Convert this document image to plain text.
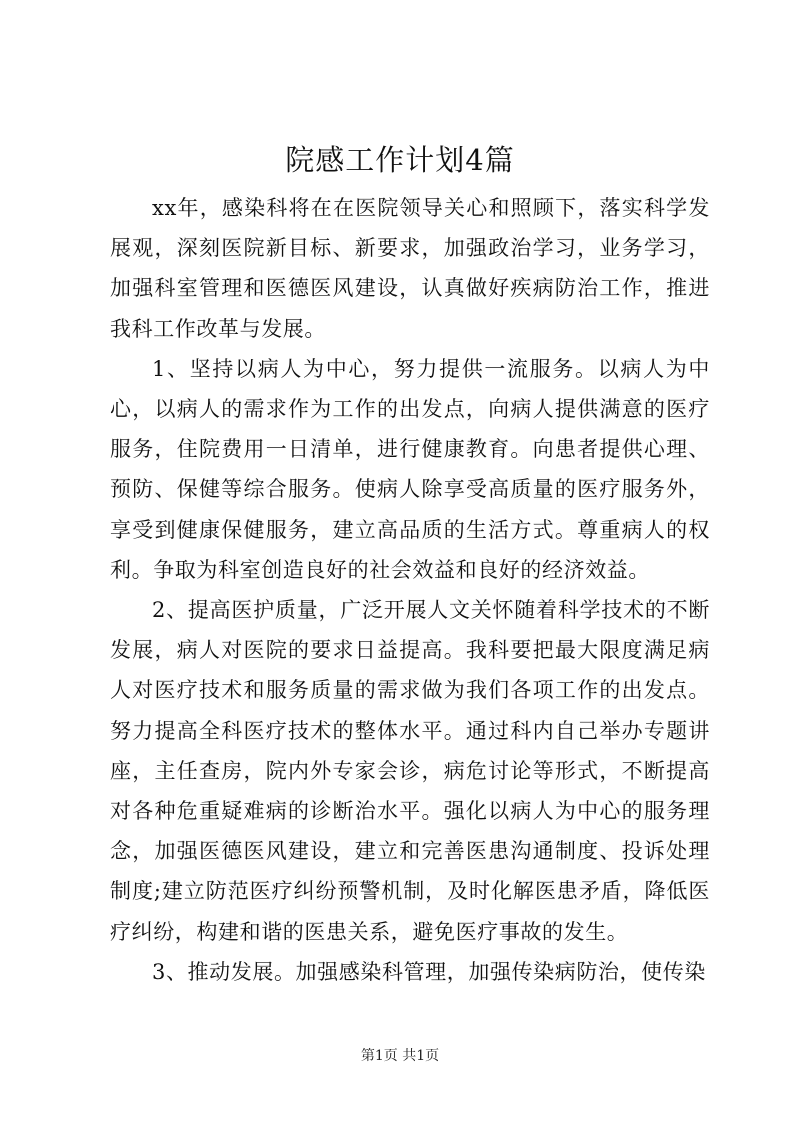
院感工作计划4篇

xx年，感染科将在在医院领导关心和照顾下，落实科学发展观，深刻医院新目标、新要求，加强政治学习，业务学习，加强科室管理和医德医风建设，认真做好疾病防治工作，推进我科工作改革与发展。

1、坚持以病人为中心，努力提供一流服务。以病人为中心，以病人的需求作为工作的出发点，向病人提供满意的医疗服务，住院费用一日清单，进行健康教育。向患者提供心理、预防、保健等综合服务。使病人除享受高质量的医疗服务外，享受到健康保健服务，建立高品质的生活方式。尊重病人的权利。争取为科室创造良好的社会效益和良好的经济效益。

2、提高医护质量，广泛开展人文关怀随着科学技术的不断发展，病人对医院的要求日益提高。我科要把最大限度满足病人对医疗技术和服务质量的需求做为我们各项工作的出发点。努力提高全科医疗技术的整体水平。通过科内自己举办专题讲座，主任查房，院内外专家会诊，病危讨论等形式，不断提高对各种危重疑难病的诊断治水平。强化以病人为中心的服务理念，加强医德医风建设，建立和完善医患沟通制度、投诉处理制度;建立防范医疗纠纷预警机制，及时化解医患矛盾，降低医疗纠纷，构建和谐的医患关系，避免医疗事故的发生。

3、推动发展。加强感染科管理，加强传染病防治，使传染

第1页 共1页
